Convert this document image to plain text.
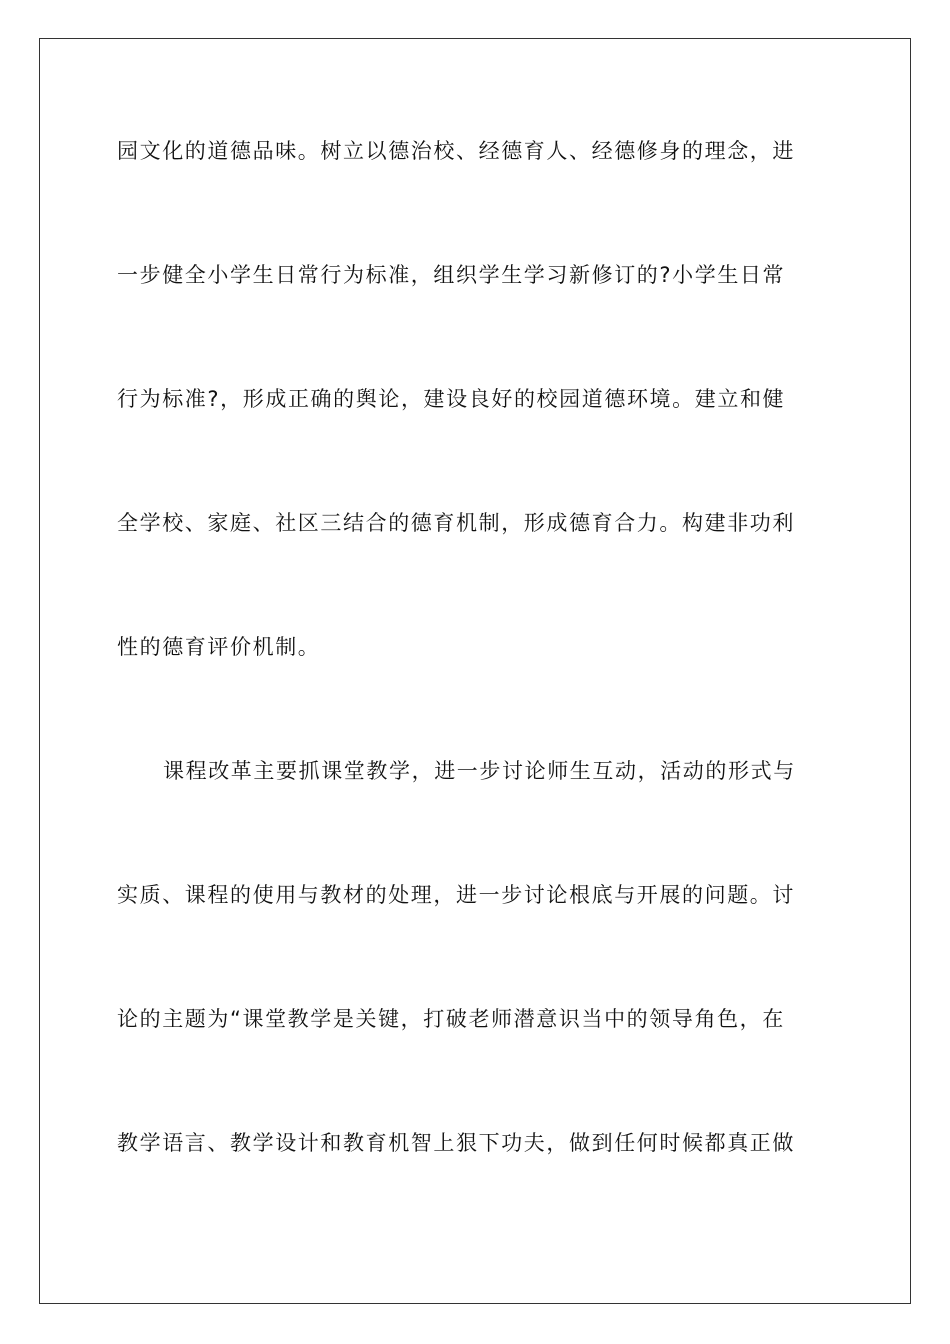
园文化的道德品味。树立以德治校、经德育人、经德修身的理念，进
一步健全小学生日常行为标准，组织学生学习新修订的?小学生日常
行为标准?，形成正确的舆论，建设良好的校园道德环境。建立和健
全学校、家庭、社区三结合的德育机制，形成德育合力。构建非功利
性的德育评价机制。
课程改革主要抓课堂教学，进一步讨论师生互动，活动的形式与
实质、课程的使用与教材的处理，进一步讨论根底与开展的问题。讨
论的主题为“课堂教学是关键，打破老师潜意识当中的领导角色，在
教学语言、教学设计和教育机智上狠下功夫，做到任何时候都真正做
